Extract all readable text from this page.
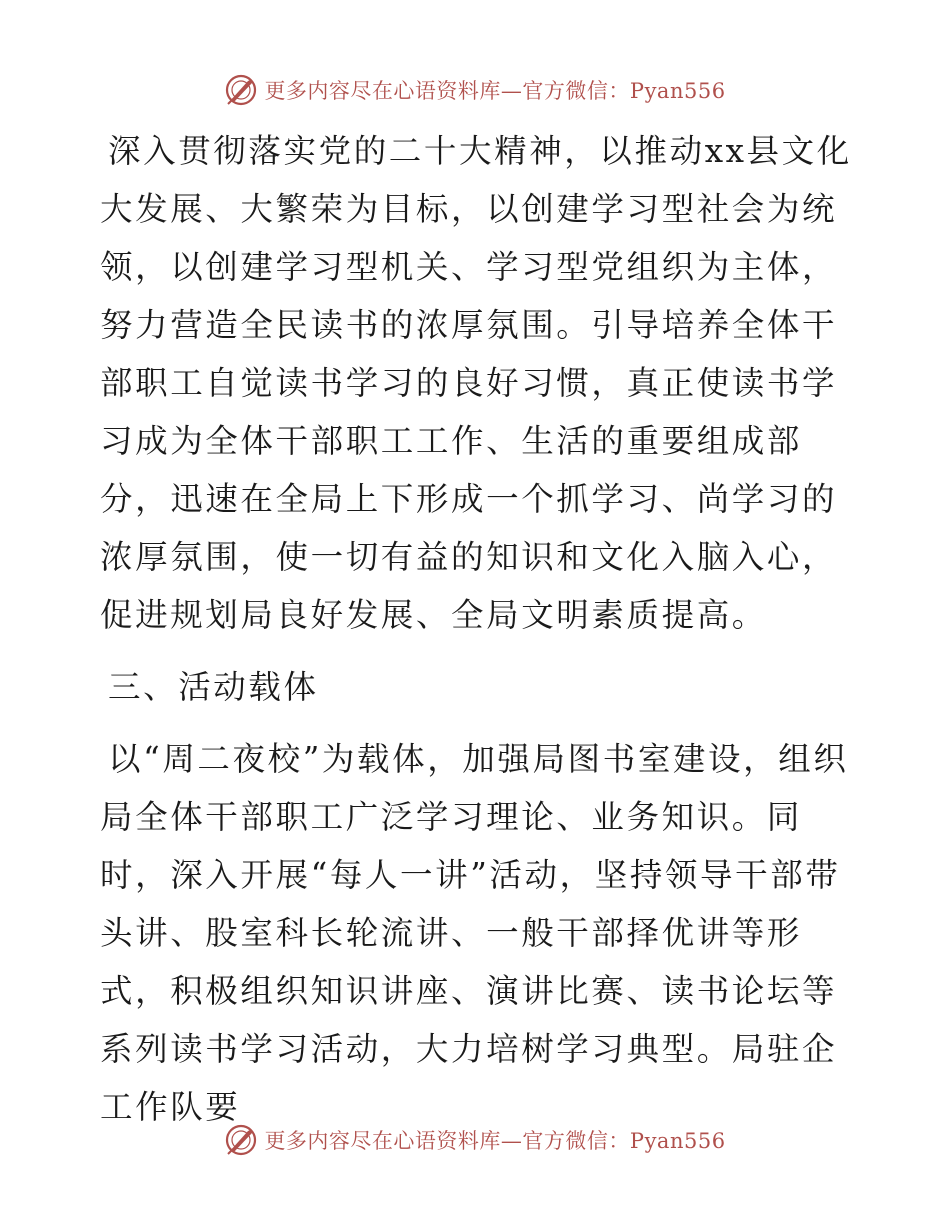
更多内容尽在心语资料库—官方微信：Pyan556

深入贯彻落实党的二十大精神，以推动xx县文化大发展、大繁荣为目标，以创建学习型社会为统领，以创建学习型机关、学习型党组织为主体，努力营造全民读书的浓厚氛围。引导培养全体干部职工自觉读书学习的良好习惯，真正使读书学习成为全体干部职工工作、生活的重要组成部分，迅速在全局上下形成一个抓学习、尚学习的浓厚氛围，使一切有益的知识和文化入脑入心，促进规划局良好发展、全局文明素质提高。

三、活动载体

以“周二夜校”为载体，加强局图书室建设，组织局全体干部职工广泛学习理论、业务知识。同时，深入开展“每人一讲”活动，坚持领导干部带头讲、股室科长轮流讲、一般干部择优讲等形式，积极组织知识讲座、演讲比赛、读书论坛等系列读书学习活动，大力培树学习典型。局驻企工作队要

更多内容尽在心语资料库—官方微信：Pyan556
